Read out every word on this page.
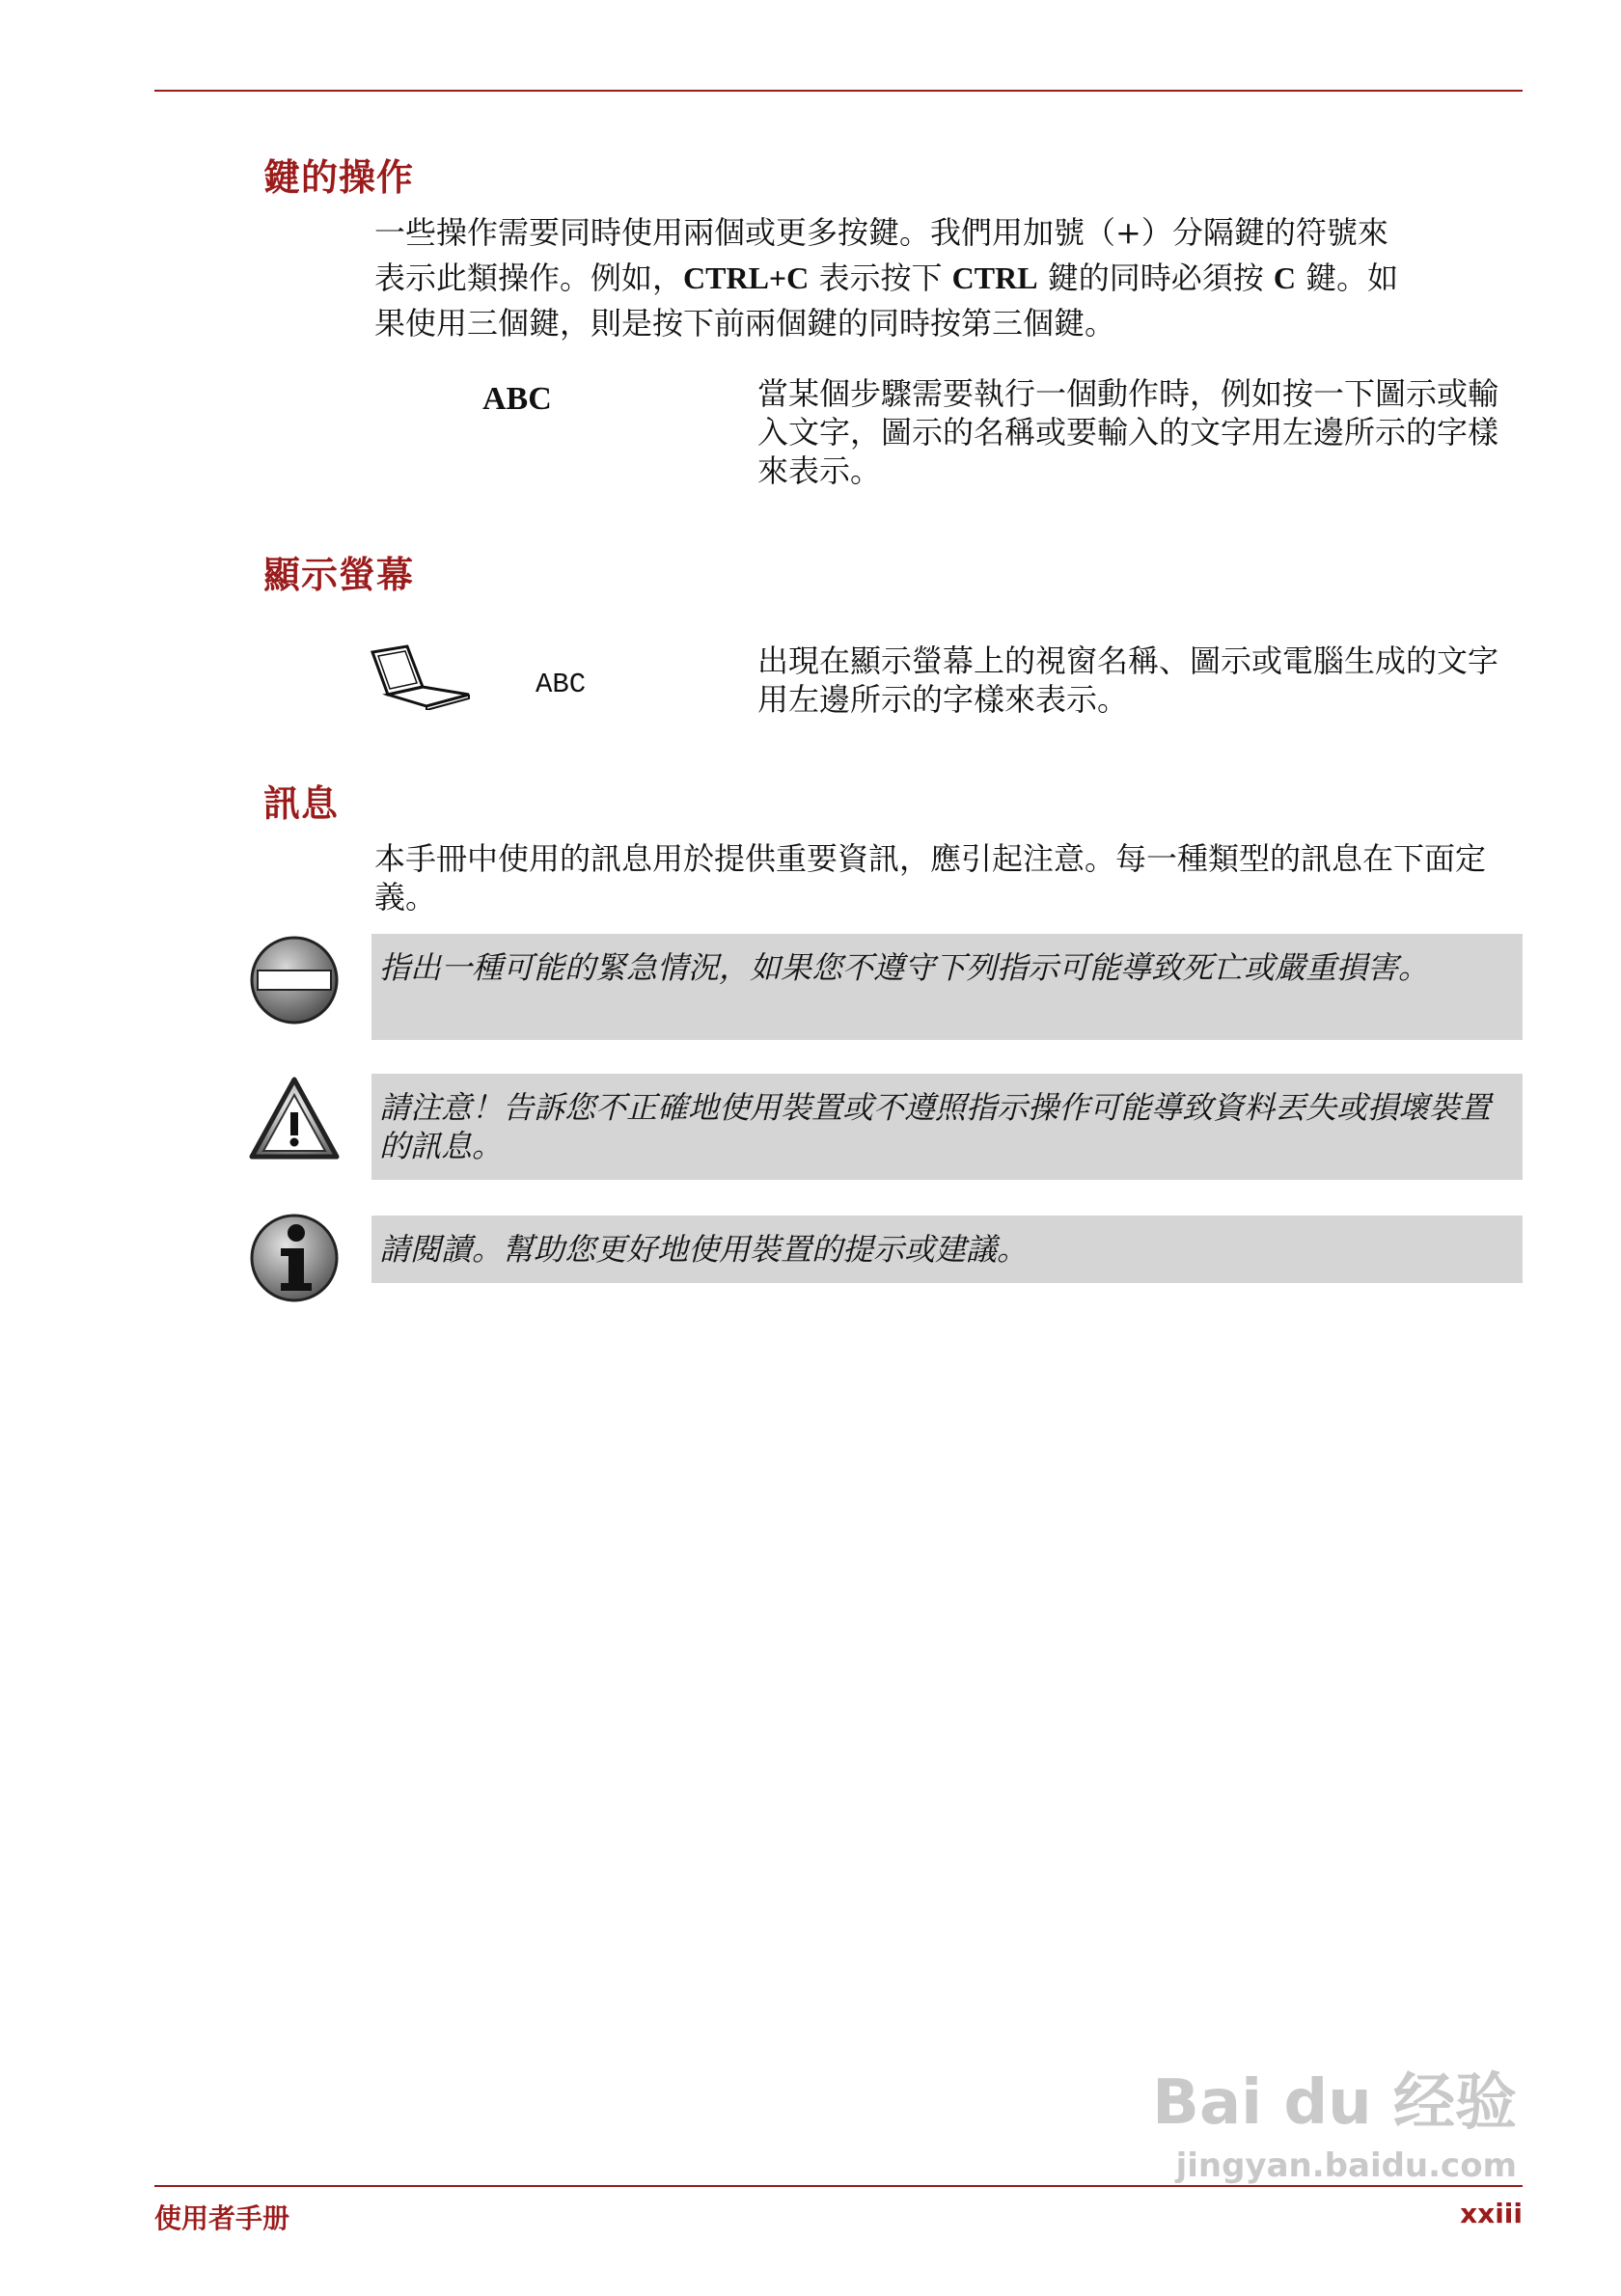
鍵的操作

一些操作需要同時使用兩個或更多按鍵。我們用加號（+）分隔鍵的符號來
表示此類操作。例如，CTRL+C 表示按下 CTRL 鍵的同時必須按 C 鍵。如
果使用三個鍵，則是按下前兩個鍵的同時按第三個鍵。

ABC	當某個步驟需要執行一個動作時，例如按一下圖示或輸入文字，圖示的名稱或要輸入的文字用左邊所示的字樣來表示。

顯示螢幕
ABC

出現在顯示螢幕上的視窗名稱、圖示或電腦生成的文字用左邊所示的字樣來表示。

訊息

本手冊中使用的訊息用於提供重要資訊，應引起注意。每一種類型的訊息在下面定義。

指出一種可能的緊急情況，如果您不遵守下列指示可能導致死亡或嚴重損害。

請注意！告訴您不正確地使用裝置或不遵照指示操作可能導致資料丟失或損壞裝置的訊息。

請閱讀。幫助您更好地使用裝置的提示或建議。

Bai du 经验
jingyan.baidu.com
使用者手册	xxiii
